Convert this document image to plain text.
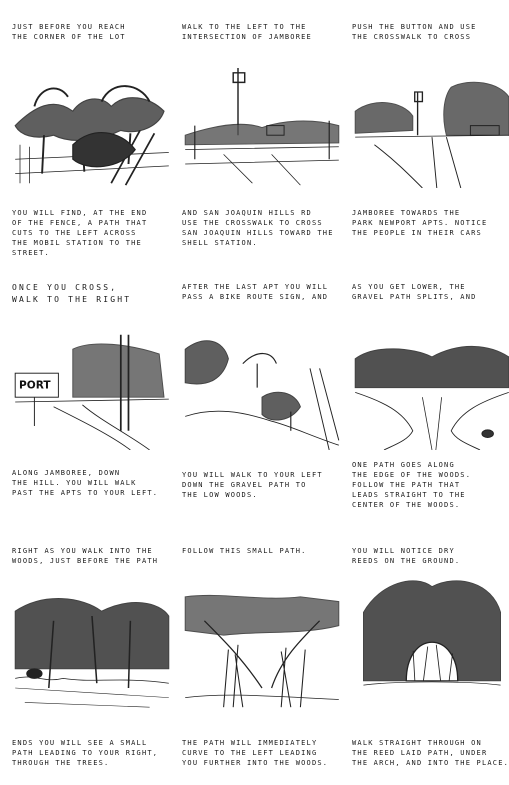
JUST BEFORE YOU REACH
THE CORNER OF THE LOT
YOU WILL FIND, AT THE END
OF THE FENCE, A PATH THAT
CUTS TO THE LEFT ACROSS
THE MOBIL STATION TO THE STREET.
WALK TO THE LEFT TO THE
INTERSECTION OF JAMBOREE
AND SAN JOAQUIN HILLS RD
USE THE CROSSWALK TO CROSS
SAN JOAQUIN HILLS TOWARD THE
SHELL STATION.
PUSH THE BUTTON AND USE
THE CROSSWALK TO CROSS
JAMBOREE TOWARDS THE
PARK NEWPORT APTS. NOTICE
THE PEOPLE IN THEIR CARS
ONCE YOU CROSS,
WALK TO THE RIGHT
AFTER THE LAST APT YOU WILL
PASS A BIKE ROUTE SIGN, AND
AS YOU GET LOWER, THE
GRAVEL PATH SPLITS, AND
PORT
ALONG JAMBOREE, DOWN
THE HILL. YOU WILL WALK
PAST THE APTS TO YOUR LEFT.
YOU WILL WALK TO YOUR LEFT
DOWN THE GRAVEL PATH TO
THE LOW WOODS.
ONE PATH GOES ALONG
THE EDGE OF THE WOODS.
FOLLOW THE PATH THAT
LEADS STRAIGHT TO THE
CENTER OF THE WOODS.
RIGHT AS YOU WALK INTO THE
WOODS, JUST BEFORE THE PATH
ENDS YOU WILL SEE A SMALL
PATH LEADING TO YOUR RIGHT,
THROUGH THE TREES.
FOLLOW THIS SMALL PATH.
THE PATH WILL IMMEDIATELY
CURVE TO THE LEFT LEADING
YOU FURTHER INTO THE WOODS.
YOU WILL NOTICE DRY
REEDS ON THE GROUND.
WALK STRAIGHT THROUGH ON
THE REED LAID PATH, UNDER
THE ARCH, AND INTO THE PLACE.
